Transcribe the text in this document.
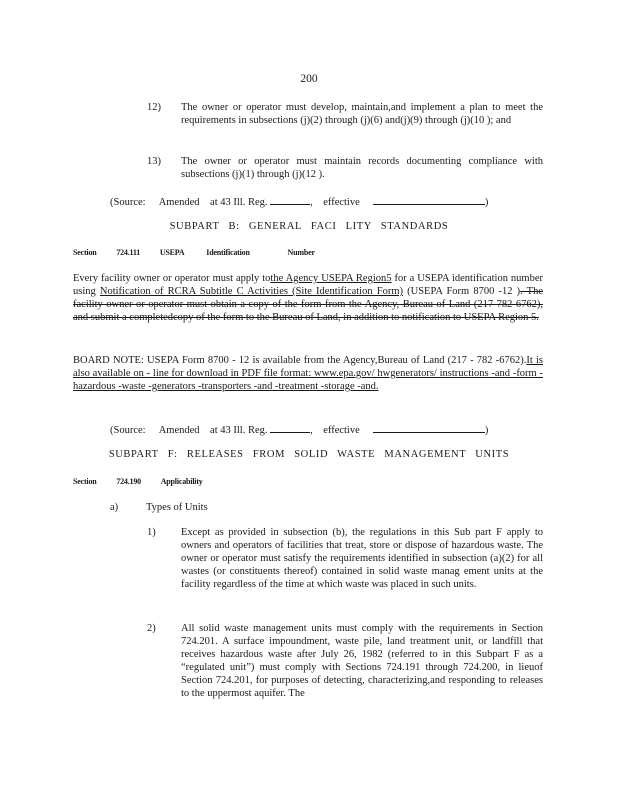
200
12) The owner or operator must develop, maintain,and implement a plan to meet the requirements in subsections (j)(2) through (j)(6) and(j)(9) through (j)(10 ); and
13) The owner or operator must maintain records documenting compliance with subsections (j)(1) through (j)(12 ).
(Source: Amended at 43 Ill. Reg.	, effective	)
SUBPART B: GENERAL FACI LITY STANDARDS
Section 724.111 USEPA	Identification	Number
Every facility owner or operator must apply tothe Agency USEPA Region5 for a USEPA identification number using Notification of RCRA Subtitle C Activities (Site Identification Form) (USEPA Form 8700 -12 ). The facility owner or operator must obtain a copy of the form from the Agency, Bureau of Land (217 782 6762), and submit a completedcopy of the form to the Bureau of Land, in addition to notification to USEPA Region 5.
BOARD NOTE: USEPA Form 8700 - 12 is available from the Agency,Bureau of Land (217 - 782 -6762).It is also available on - line for download in PDF file format: www.epa.gov/ hwgenerators/ instructions -and -form -hazardous -waste -generators -transporters -and -treatment -storage -and.
(Source: Amended at 43 Ill. Reg.	, effective	)
SUBPART F: RELEASES FROM SOLID WASTE MANAGEMENT UNITS
Section 724.190 Applicability
a)	Types of Units
1) Except as provided in subsection (b), the regulations in this Sub part F apply to owners and operators of facilities that treat, store or dispose of hazardous waste. The owner or operator must satisfy the requirements identified in subsection (a)(2) for all wastes (or constituents thereof) contained in solid waste manag ement units at the facility regardless of the time at which waste was placed in such units.
2) All solid waste management units must comply with the requirements in Section 724.201. A surface impoundment, waste pile, land treatment unit, or landfill that receives hazardous waste after July 26, 1982 (referred to in this Subpart F as a “regulated unit”) must comply with Sections 724.191 through 724.200, in lieuof Section 724.201, for purposes of detecting, characterizing,and responding to releases to the uppermost aquifer. The
